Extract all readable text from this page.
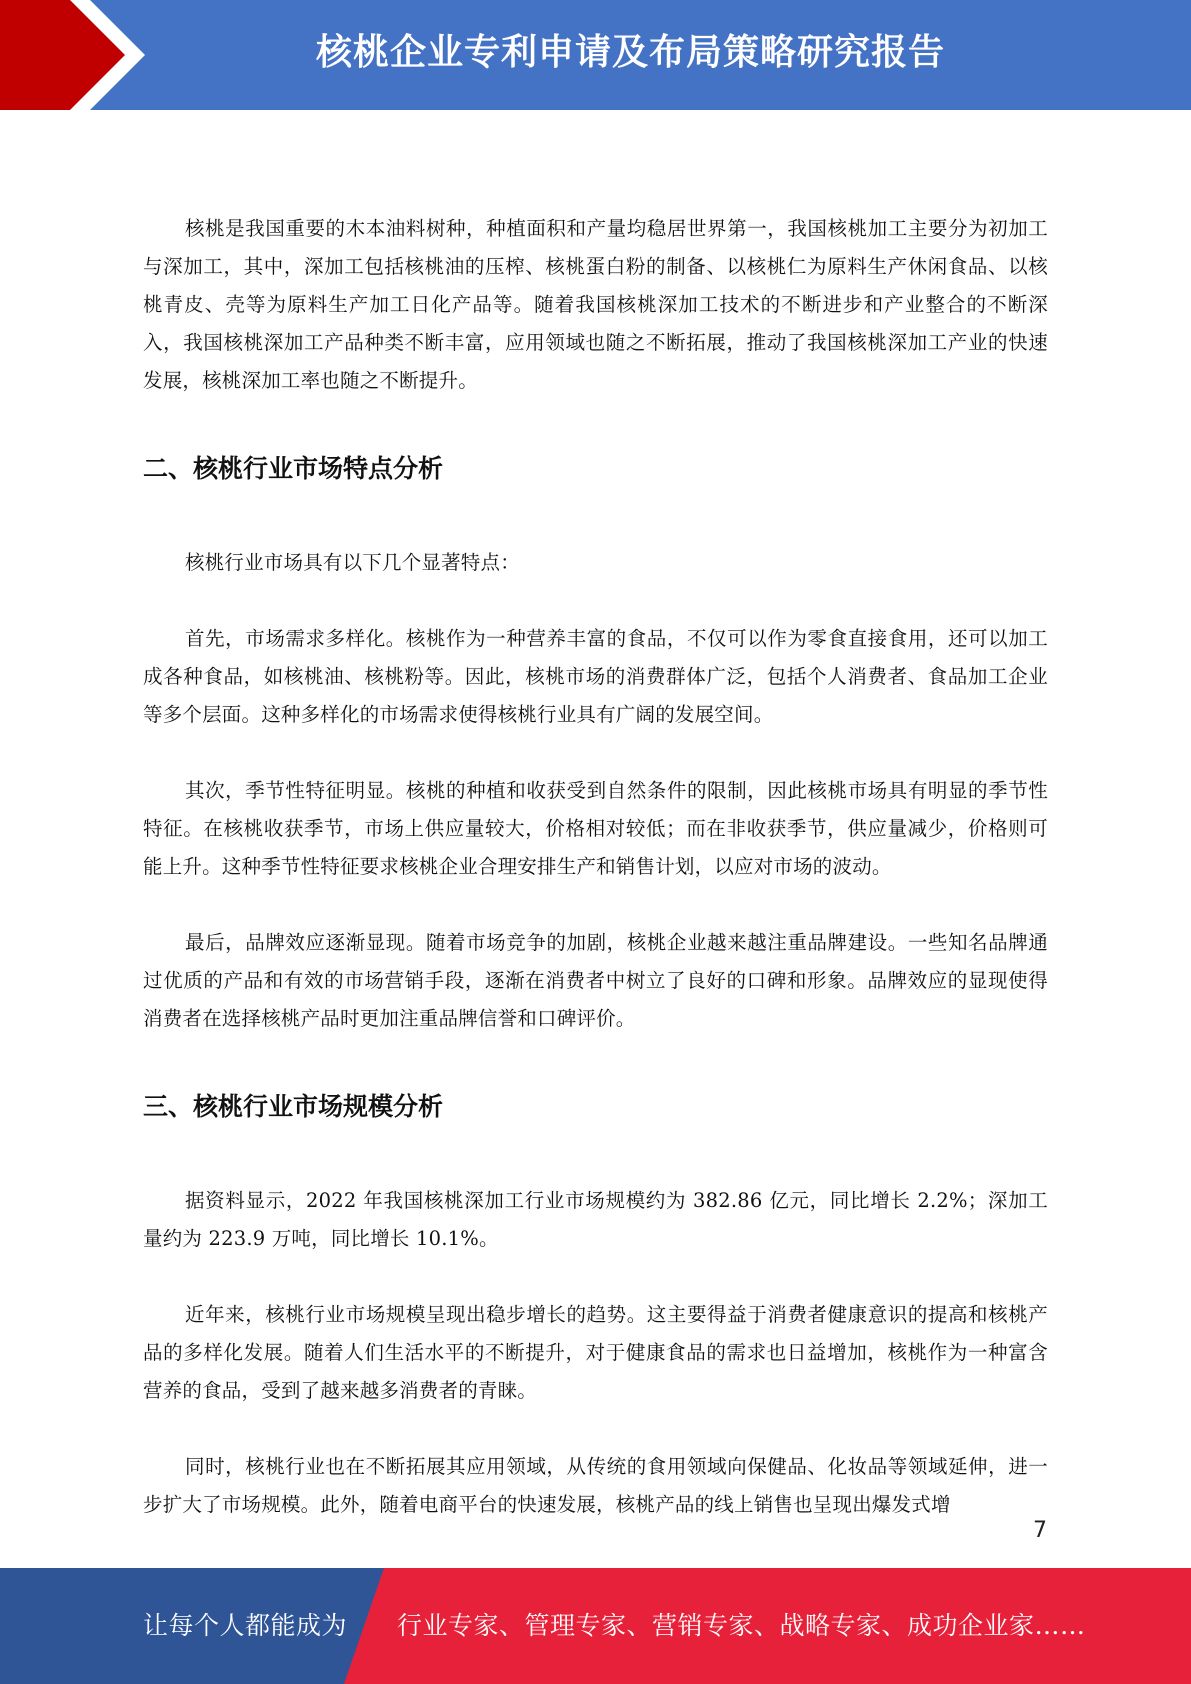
核桃企业专利申请及布局策略研究报告

核桃是我国重要的木本油料树种，种植面积和产量均稳居世界第一，我国核桃加工主要分为初加工与深加工，其中，深加工包括核桃油的压榨、核桃蛋白粉的制备、以核桃仁为原料生产休闲食品、以核桃青皮、壳等为原料生产加工日化产品等。随着我国核桃深加工技术的不断进步和产业整合的不断深入，我国核桃深加工产品种类不断丰富，应用领域也随之不断拓展，推动了我国核桃深加工产业的快速发展，核桃深加工率也随之不断提升。

二、核桃行业市场特点分析

核桃行业市场具有以下几个显著特点：

首先，市场需求多样化。核桃作为一种营养丰富的食品，不仅可以作为零食直接食用，还可以加工成各种食品，如核桃油、核桃粉等。因此，核桃市场的消费群体广泛，包括个人消费者、食品加工企业等多个层面。这种多样化的市场需求使得核桃行业具有广阔的发展空间。

其次，季节性特征明显。核桃的种植和收获受到自然条件的限制，因此核桃市场具有明显的季节性特征。在核桃收获季节，市场上供应量较大，价格相对较低；而在非收获季节，供应量减少，价格则可能上升。这种季节性特征要求核桃企业合理安排生产和销售计划，以应对市场的波动。

最后，品牌效应逐渐显现。随着市场竞争的加剧，核桃企业越来越注重品牌建设。一些知名品牌通过优质的产品和有效的市场营销手段，逐渐在消费者中树立了良好的口碑和形象。品牌效应的显现使得消费者在选择核桃产品时更加注重品牌信誉和口碑评价。

三、核桃行业市场规模分析

据资料显示，2022 年我国核桃深加工行业市场规模约为 382.86 亿元，同比增长 2.2%；深加工量约为 223.9 万吨，同比增长 10.1%。

近年来，核桃行业市场规模呈现出稳步增长的趋势。这主要得益于消费者健康意识的提高和核桃产品的多样化发展。随着人们生活水平的不断提升，对于健康食品的需求也日益增加，核桃作为一种富含营养的食品，受到了越来越多消费者的青睐。

同时，核桃行业也在不断拓展其应用领域，从传统的食用领域向保健品、化妆品等领域延伸，进一步扩大了市场规模。此外，随着电商平台的快速发展，核桃产品的线上销售也呈现出爆发式增

7
让每个人都能成为 行业专家、管理专家、营销专家、战略专家、成功企业家……
